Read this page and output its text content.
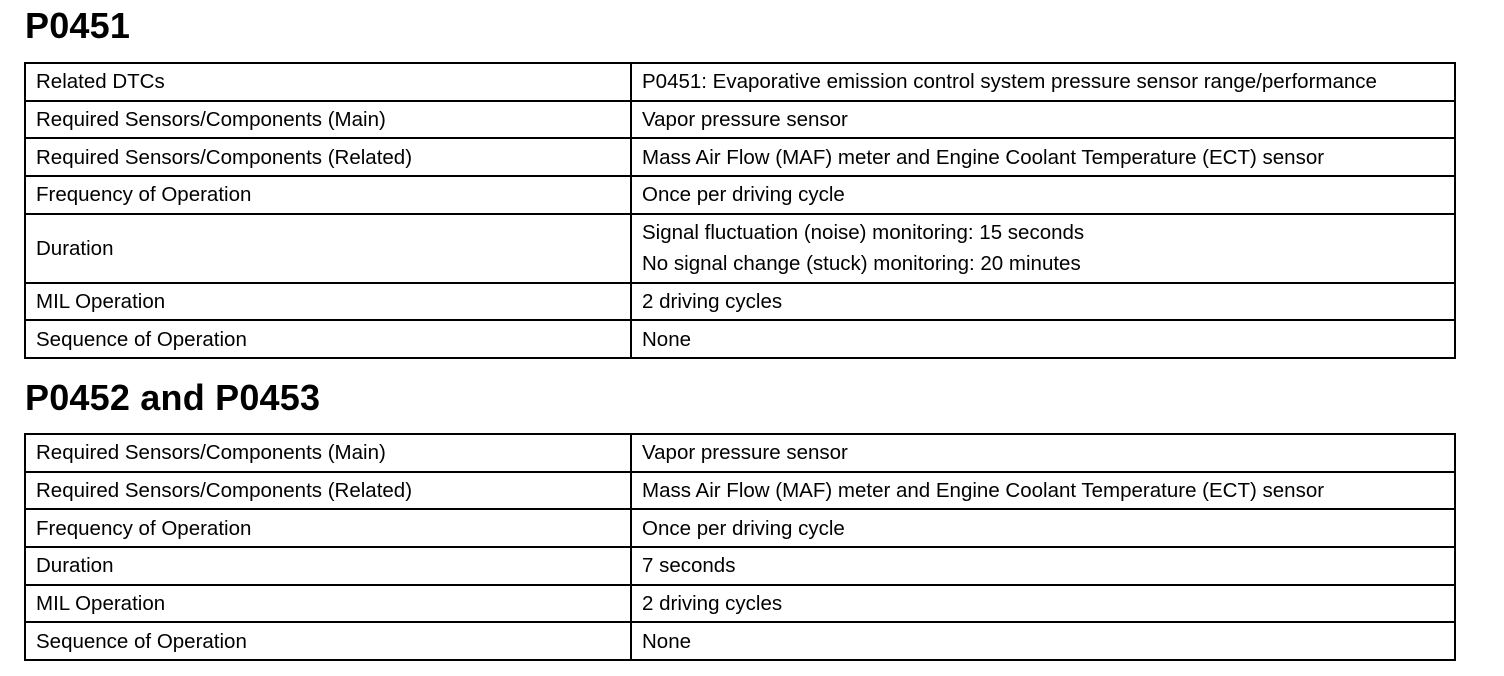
P0451
Related DTCs	P0451: Evaporative emission control system pressure sensor range/performance

Required Sensors/Components (Main)	Vapor pressure sensor

Required Sensors/Components (Related)	Mass Air Flow (MAF) meter and Engine Coolant Temperature (ECT) sensor

Frequency of Operation	Once per driving cycle

Duration	Signal fluctuation (noise) monitoring: 15 seconds
No signal change (stuck) monitoring: 20 minutes

MIL Operation	2 driving cycles

Sequence of Operation	None
P0452 and P0453
Required Sensors/Components (Main)	Vapor pressure sensor

Required Sensors/Components (Related)	Mass Air Flow (MAF) meter and Engine Coolant Temperature (ECT) sensor

Frequency of Operation	Once per driving cycle

Duration	7 seconds

MIL Operation	2 driving cycles

Sequence of Operation	None
